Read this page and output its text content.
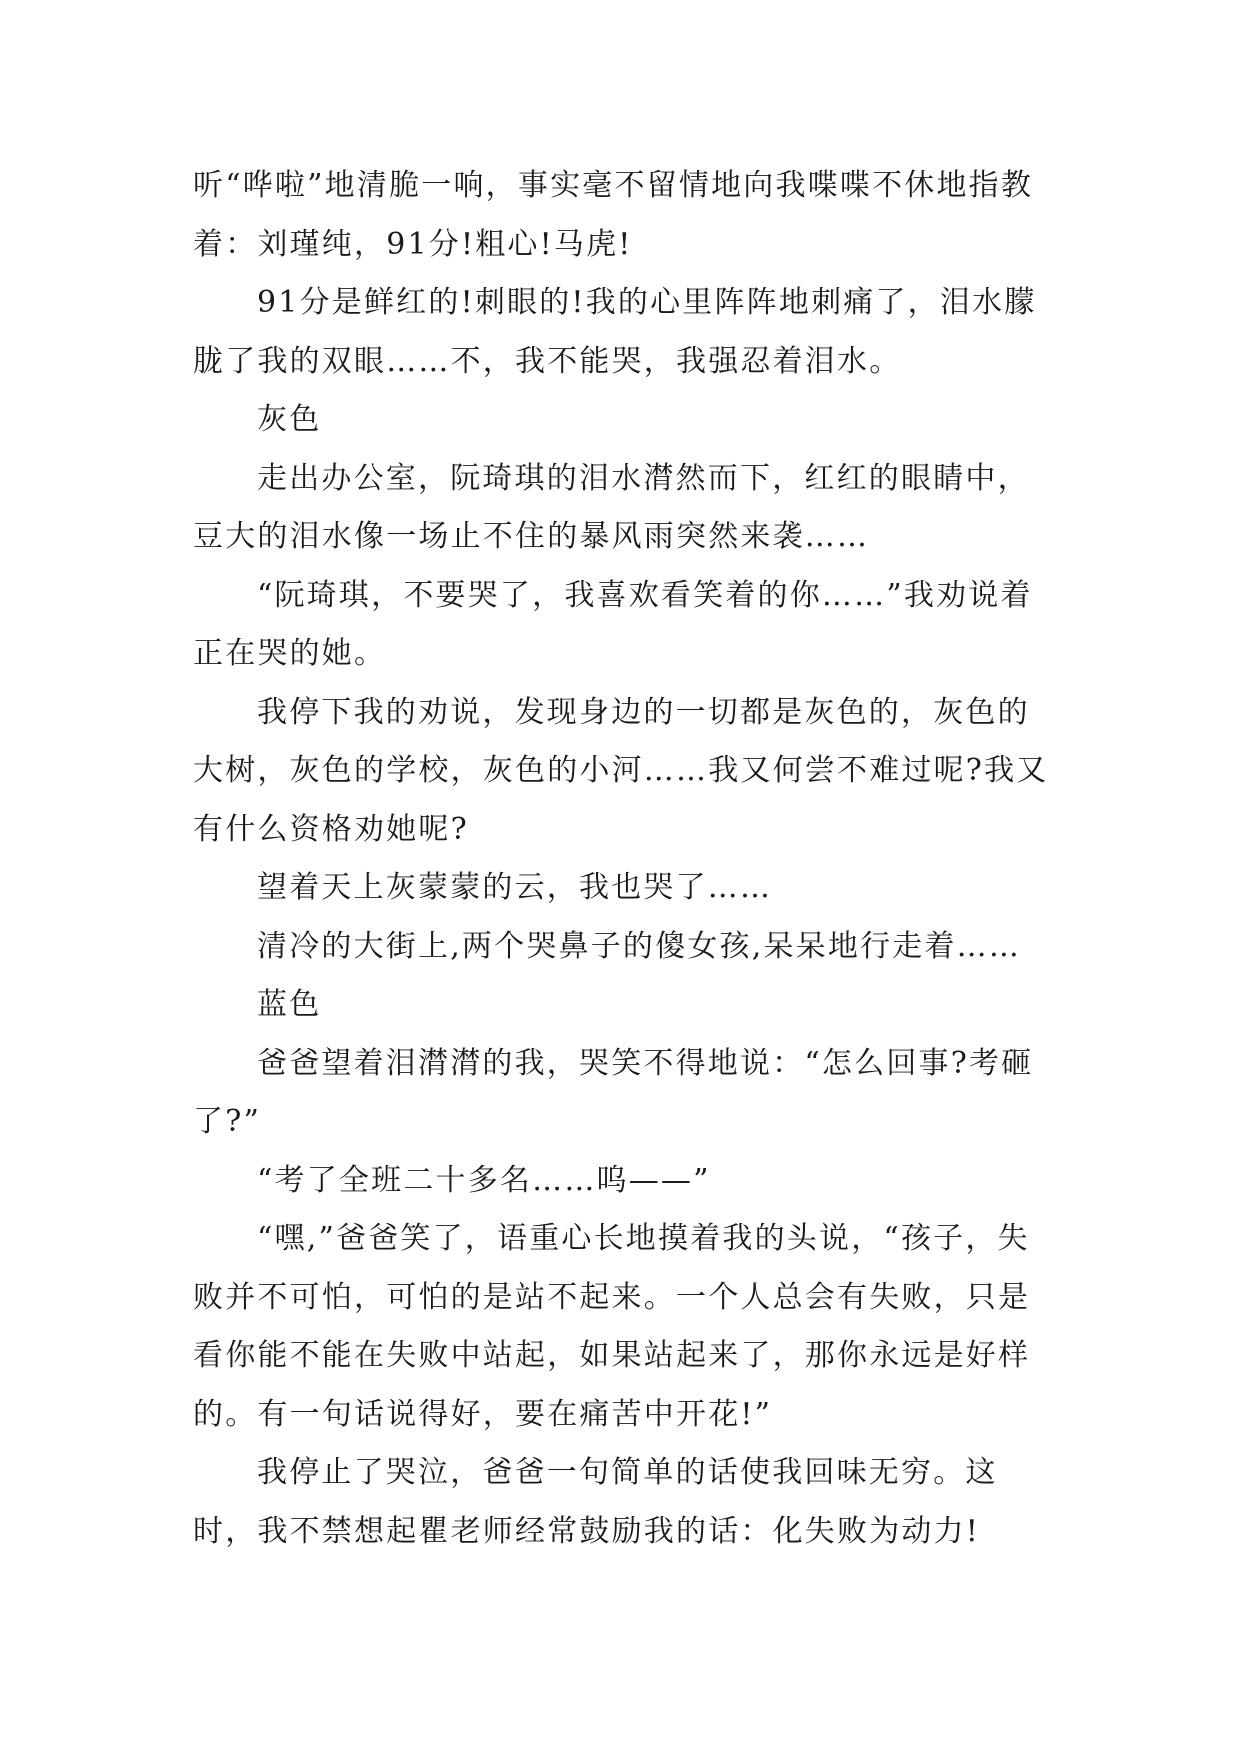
听“哗啦”地清脆一响，事实毫不留情地向我喋喋不休地指教着：刘瑾纯，91分!粗心!马虎!

91分是鲜红的!刺眼的!我的心里阵阵地刺痛了，泪水朦胧了我的双眼……不，我不能哭，我强忍着泪水。

灰色

走出办公室，阮琦琪的泪水潸然而下，红红的眼睛中，豆大的泪水像一场止不住的暴风雨突然来袭……

“阮琦琪，不要哭了，我喜欢看笑着的你……”我劝说着正在哭的她。

我停下我的劝说，发现身边的一切都是灰色的，灰色的大树，灰色的学校，灰色的小河……我又何尝不难过呢?我又有什么资格劝她呢?

望着天上灰蒙蒙的云，我也哭了……

清冷的大街上,两个哭鼻子的傻女孩,呆呆地行走着……

蓝色

爸爸望着泪潸潸的我，哭笑不得地说：“怎么回事?考砸了?”

“考了全班二十多名……呜——”

“嘿,”爸爸笑了，语重心长地摸着我的头说，“孩子，失败并不可怕，可怕的是站不起来。一个人总会有失败，只是看你能不能在失败中站起，如果站起来了，那你永远是好样的。有一句话说得好，要在痛苦中开花!”

我停止了哭泣，爸爸一句简单的话使我回味无穷。这时，我不禁想起瞿老师经常鼓励我的话：化失败为动力!
